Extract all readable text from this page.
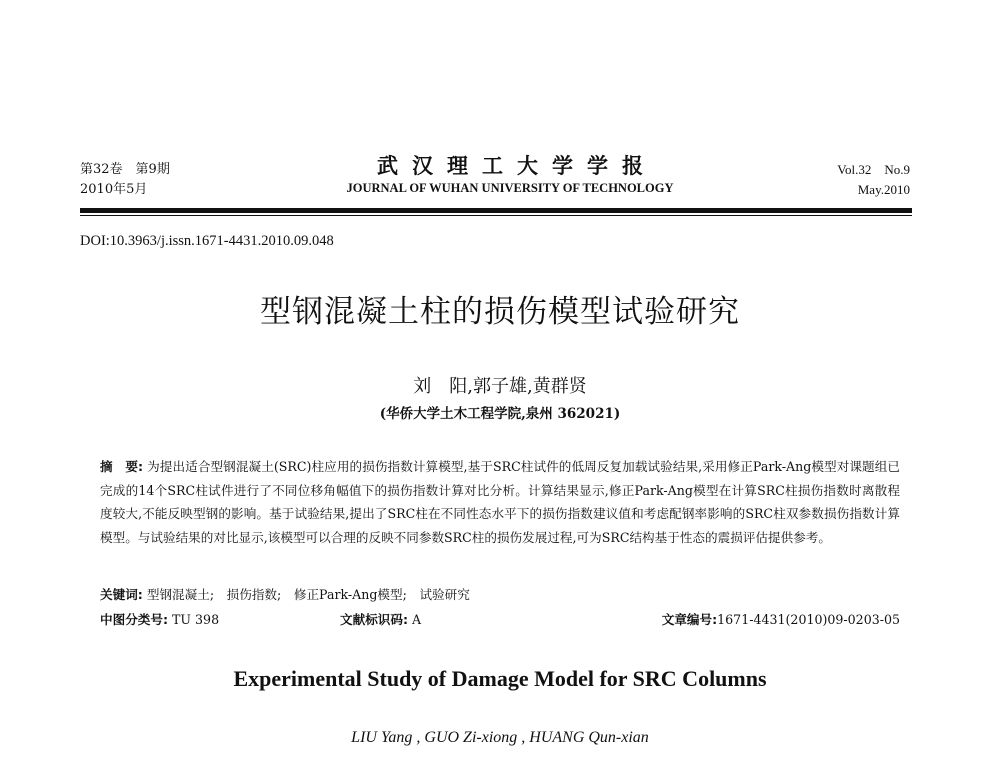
第32卷　第9期
2010年5月
武汉理工大学学报
JOURNAL OF WUHAN UNIVERSITY OF TECHNOLOGY
Vol.32　No.9
May.2010
DOI:10.3963/j.issn.1671-4431.2010.09.048
型钢混凝土柱的损伤模型试验研究
刘　阳,郭子雄,黄群贤
(华侨大学土木工程学院,泉州 362021)

摘　要: 为提出适合型钢混凝土(SRC)柱应用的损伤指数计算模型,基于SRC柱试件的低周反复加载试验结果,采用修正Park-Ang模型对课题组已完成的14个SRC柱试件进行了不同位移角幅值下的损伤指数计算对比分析。计算结果显示,修正Park-Ang模型在计算SRC柱损伤指数时离散程度较大,不能反映型钢的影响。基于试验结果,提出了SRC柱在不同性态水平下的损伤指数建议值和考虑配钢率影响的SRC柱双参数损伤指数计算模型。与试验结果的对比显示,该模型可以合理的反映不同参数SRC柱的损伤发展过程,可为SRC结构基于性态的震损评估提供参考。

关键词: 型钢混凝土;　损伤指数;　修正Park-Ang模型;　试验研究
中图分类号: TU 398	文献标识码: A	文章编号:1671-4431(2010)09-0203-05
Experimental Study of Damage Model for SRC Columns
LIU Yang , GUO Zi-xiong , HUANG Qun-xian
